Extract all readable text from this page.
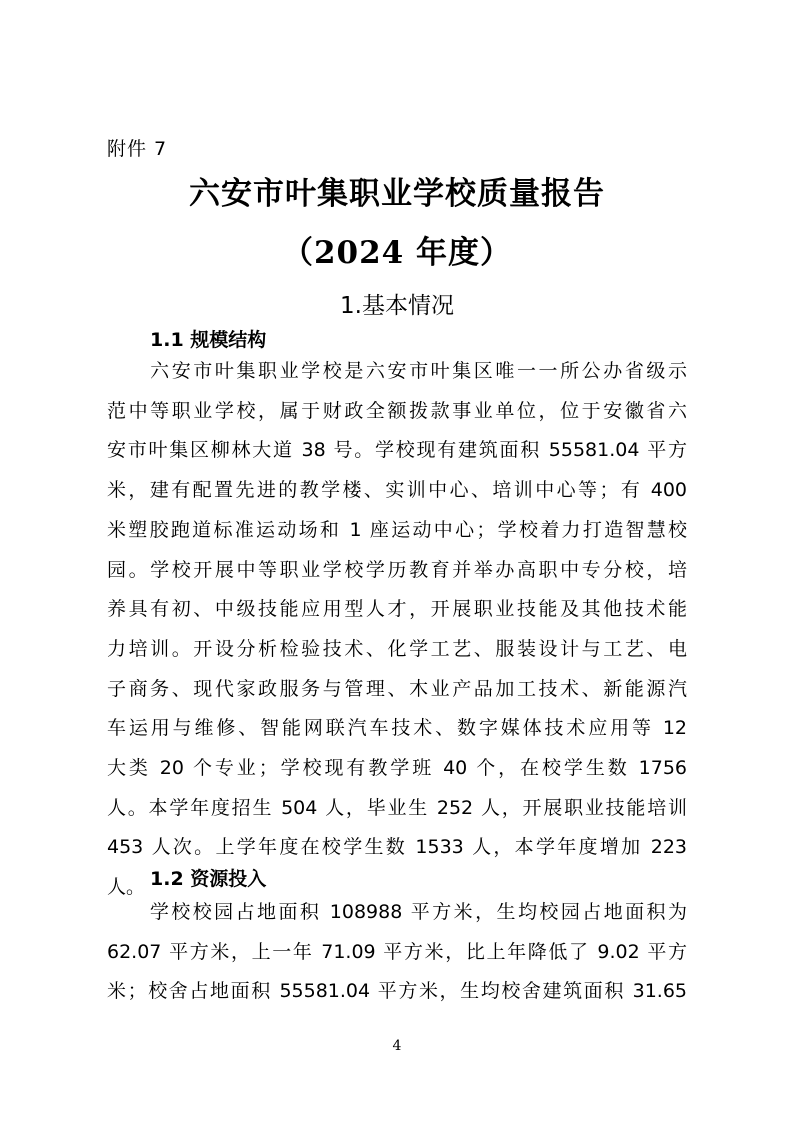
附件 7
六安市叶集职业学校质量报告
（2024 年度）
1.基本情况
1.1 规模结构
　　六安市叶集职业学校是六安市叶集区唯一一所公办省级示
范中等职业学校，属于财政全额拨款事业单位，位于安徽省六
安市叶集区柳林大道 38 号。学校现有建筑面积 55581.04 平方
米，建有配置先进的教学楼、实训中心、培训中心等；有 400
米塑胶跑道标准运动场和 1 座运动中心；学校着力打造智慧校
园。学校开展中等职业学校学历教育并举办高职中专分校，培
养具有初、中级技能应用型人才，开展职业技能及其他技术能
力培训。开设分析检验技术、化学工艺、服装设计与工艺、电
子商务、现代家政服务与管理、木业产品加工技术、新能源汽
车运用与维修、智能网联汽车技术、数字媒体技术应用等 12
大类 20 个专业；学校现有教学班 40 个，在校学生数 1756
人。本学年度招生 504 人，毕业生 252 人，开展职业技能培训
453 人次。上学年度在校学生数 1533 人，本学年度增加 223
人。 1.2 资源投入
　　学校校园占地面积 108988 平方米，生均校园占地面积为
62.07 平方米，上一年 71.09 平方米，比上年降低了 9.02 平方
米；校舍占地面积 55581.04 平方米，生均校舍建筑面积 31.65
4
